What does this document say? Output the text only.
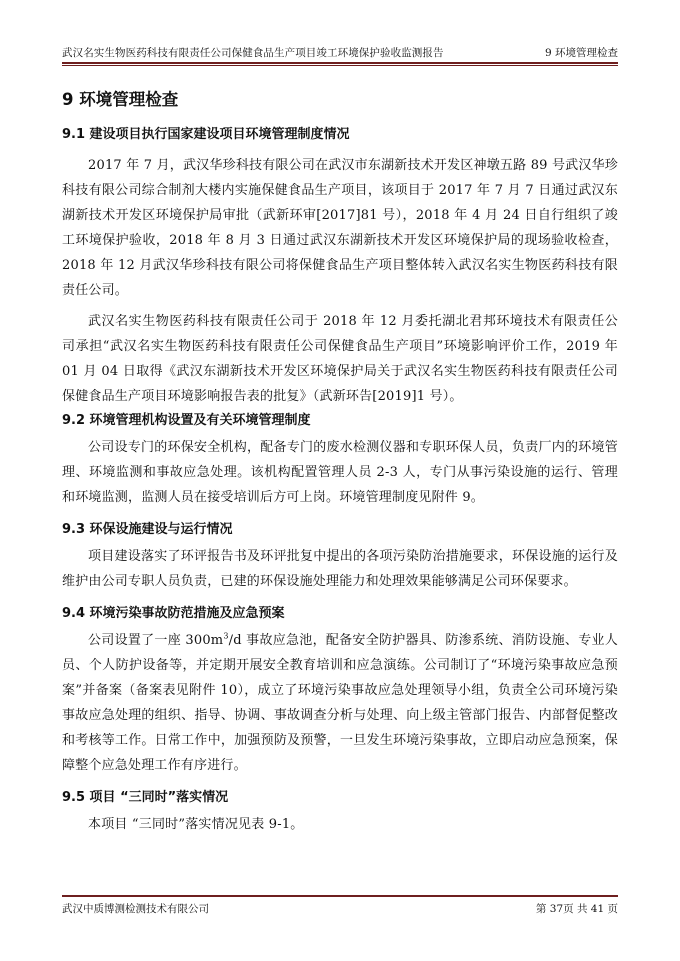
武汉名实生物医药科技有限责任公司保健食品生产项目竣工环境保护验收监测报告	9 环境管理检查
9 环境管理检查
9.1 建设项目执行国家建设项目环境管理制度情况

2017 年 7 月，武汉华珍科技有限公司在武汉市东湖新技术开发区神墩五路 89 号武汉华珍科技有限公司综合制剂大楼内实施保健食品生产项目，该项目于 2017 年 7 月 7 日通过武汉东湖新技术开发区环境保护局审批（武新环审[2017]81 号），2018 年 4 月 24 日自行组织了竣工环境保护验收，2018 年 8 月 3 日通过武汉东湖新技术开发区环境保护局的现场验收检查，2018 年 12 月武汉华珍科技有限公司将保健食品生产项目整体转入武汉名实生物医药科技有限责任公司。

武汉名实生物医药科技有限责任公司于 2018 年 12 月委托湖北君邦环境技术有限责任公司承担“武汉名实生物医药科技有限责任公司保健食品生产项目”环境影响评价工作，2019 年 01 月 04 日取得《武汉东湖新技术开发区环境保护局关于武汉名实生物医药科技有限责任公司保健食品生产项目环境影响报告表的批复》（武新环告[2019]1 号）。

9.2 环境管理机构设置及有关环境管理制度

公司设专门的环保安全机构，配备专门的废水检测仪器和专职环保人员，负责厂内的环境管理、环境监测和事故应急处理。该机构配置管理人员 2-3 人，专门从事污染设施的运行、管理和环境监测，监测人员在接受培训后方可上岗。环境管理制度见附件 9。

9.3 环保设施建设与运行情况

项目建设落实了环评报告书及环评批复中提出的各项污染防治措施要求，环保设施的运行及维护由公司专职人员负责，已建的环保设施处理能力和处理效果能够满足公司环保要求。

9.4 环境污染事故防范措施及应急预案

公司设置了一座 $300m^3/d$ 事故应急池，配备安全防护器具、防渗系统、消防设施、专业人员、个人防护设备等，并定期开展安全教育培训和应急演练。公司制订了“环境污染事故应急预案”并备案（备案表见附件 10），成立了环境污染事故应急处理领导小组，负责全公司环境污染事故应急处理的组织、指导、协调、事故调查分析与处理、向上级主管部门报告、内部督促整改和考核等工作。日常工作中，加强预防及预警，一旦发生环境污染事故，立即启动应急预案，保障整个应急处理工作有序进行。

9.5 项目 “三同时”落实情况

本项目 “三同时”落实情况见表 9-1。

武汉中质博测检测技术有限公司	第 37页 共 41 页
